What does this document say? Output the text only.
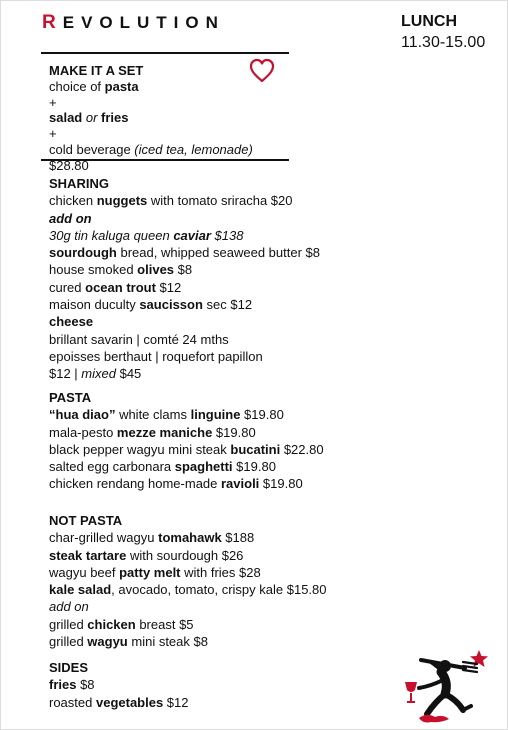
REVOLUTION	LUNCH
11.30-15.00
MAKE IT A SET
choice of pasta
+
salad or fries
+
cold beverage (iced tea, lemonade)
$28.80
SHARING
chicken nuggets with tomato sriracha $20
add on
30g tin kaluga queen caviar $138
sourdough bread, whipped seaweed butter $8
house smoked olives $8
cured ocean trout $12
maison duculty saucisson sec $12
cheese
brillant savarin | comté 24 mths
epoisses berthaut | roquefort papillon
$12 | mixed $45
PASTA
“hua diao” white clams linguine $19.80
mala-pesto mezze maniche $19.80
black pepper wagyu mini steak bucatini $22.80
salted egg carbonara spaghetti $19.80
chicken rendang home-made ravioli $19.80
NOT PASTA
char-grilled wagyu tomahawk $188
steak tartare with sourdough $26
wagyu beef patty melt with fries $28
kale salad, avocado, tomato, crispy kale $15.80
add on
grilled chicken breast $5
grilled wagyu mini steak $8
SIDES
fries $8
roasted vegetables $12
